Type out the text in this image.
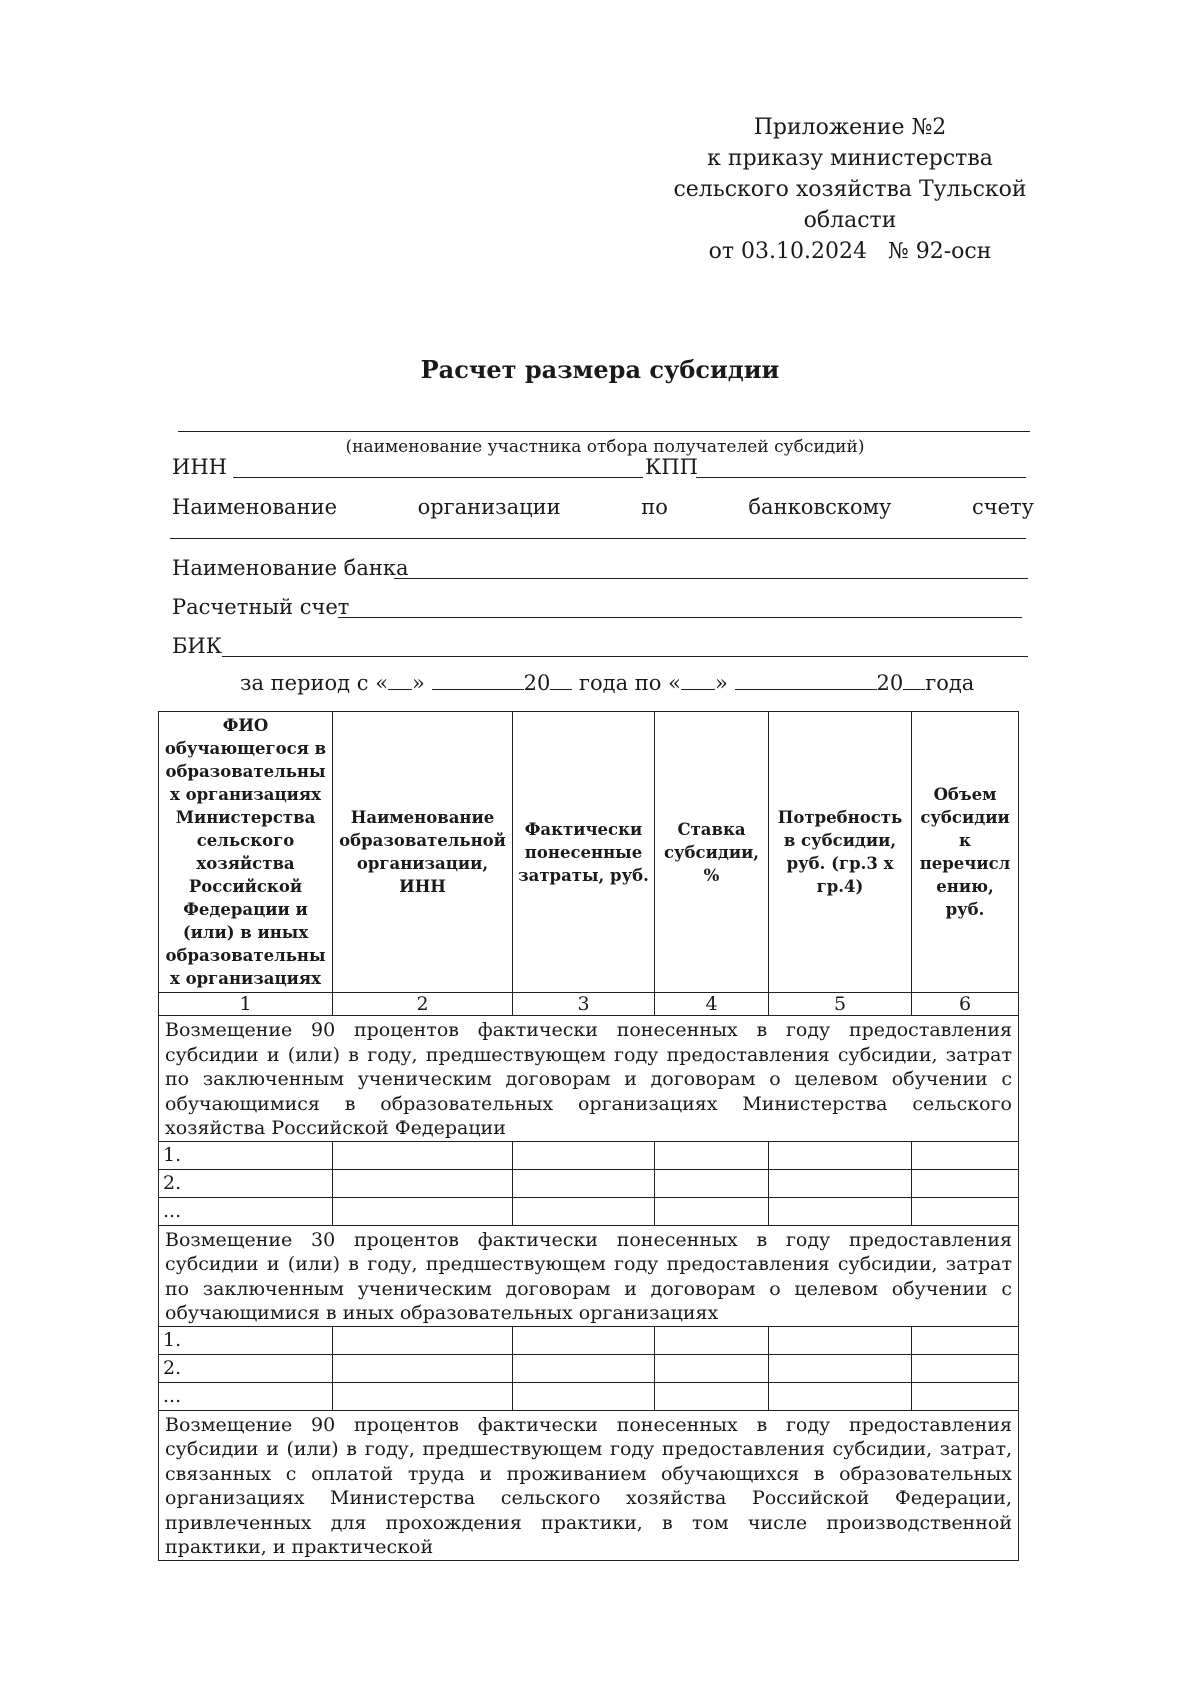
Приложение №2
к приказу министерства
сельского хозяйства Тульской
области
от 03.10.2024   № 92-осн
Расчет размера субсидии
(наименование участника отбора получателей субсидий)
ИНН	КПП
Наименование	организации	по	банковскому	счету
Наименование банка
Расчетный счет
БИК
за период с « »	20 года по « »	20 года
ФИО обучающегося в образовательны х организациях Министерства сельского хозяйства Российской Федерации и (или) в иных образовательны х организациях	Наименование образовательной организации, ИНН	Фактически понесенные затраты, руб.	Ставка субсидии, %	Потребность в субсидии, руб. (гр.3 х гр.4)	Объем субсидии к перечисл ению, руб.
1	2	3	4	5	6
Возмещение 90 процентов фактически понесенных в году предоставления субсидии и (или) в году, предшествующем году предоставления субсидии, затрат по заключенным ученическим договорам и договорам о целевом обучении с обучающимися в образовательных организациях Министерства сельского хозяйства Российской Федерации					
1.					
2.					
...					
Возмещение 30 процентов фактически понесенных в году предоставления субсидии и (или) в году, предшествующем году предоставления субсидии, затрат по заключенным ученическим договорам и договорам о целевом обучении с обучающимися в иных образовательных организациях					
1.					
2.					
...					
Возмещение 90 процентов фактически понесенных в году предоставления субсидии и (или) в году, предшествующем году предоставления субсидии, затрат, связанных с оплатой труда и проживанием обучающихся в образовательных организациях Министерства сельского хозяйства Российской Федерации, привлеченных для прохождения практики, в том числе производственной практики, и практической					
